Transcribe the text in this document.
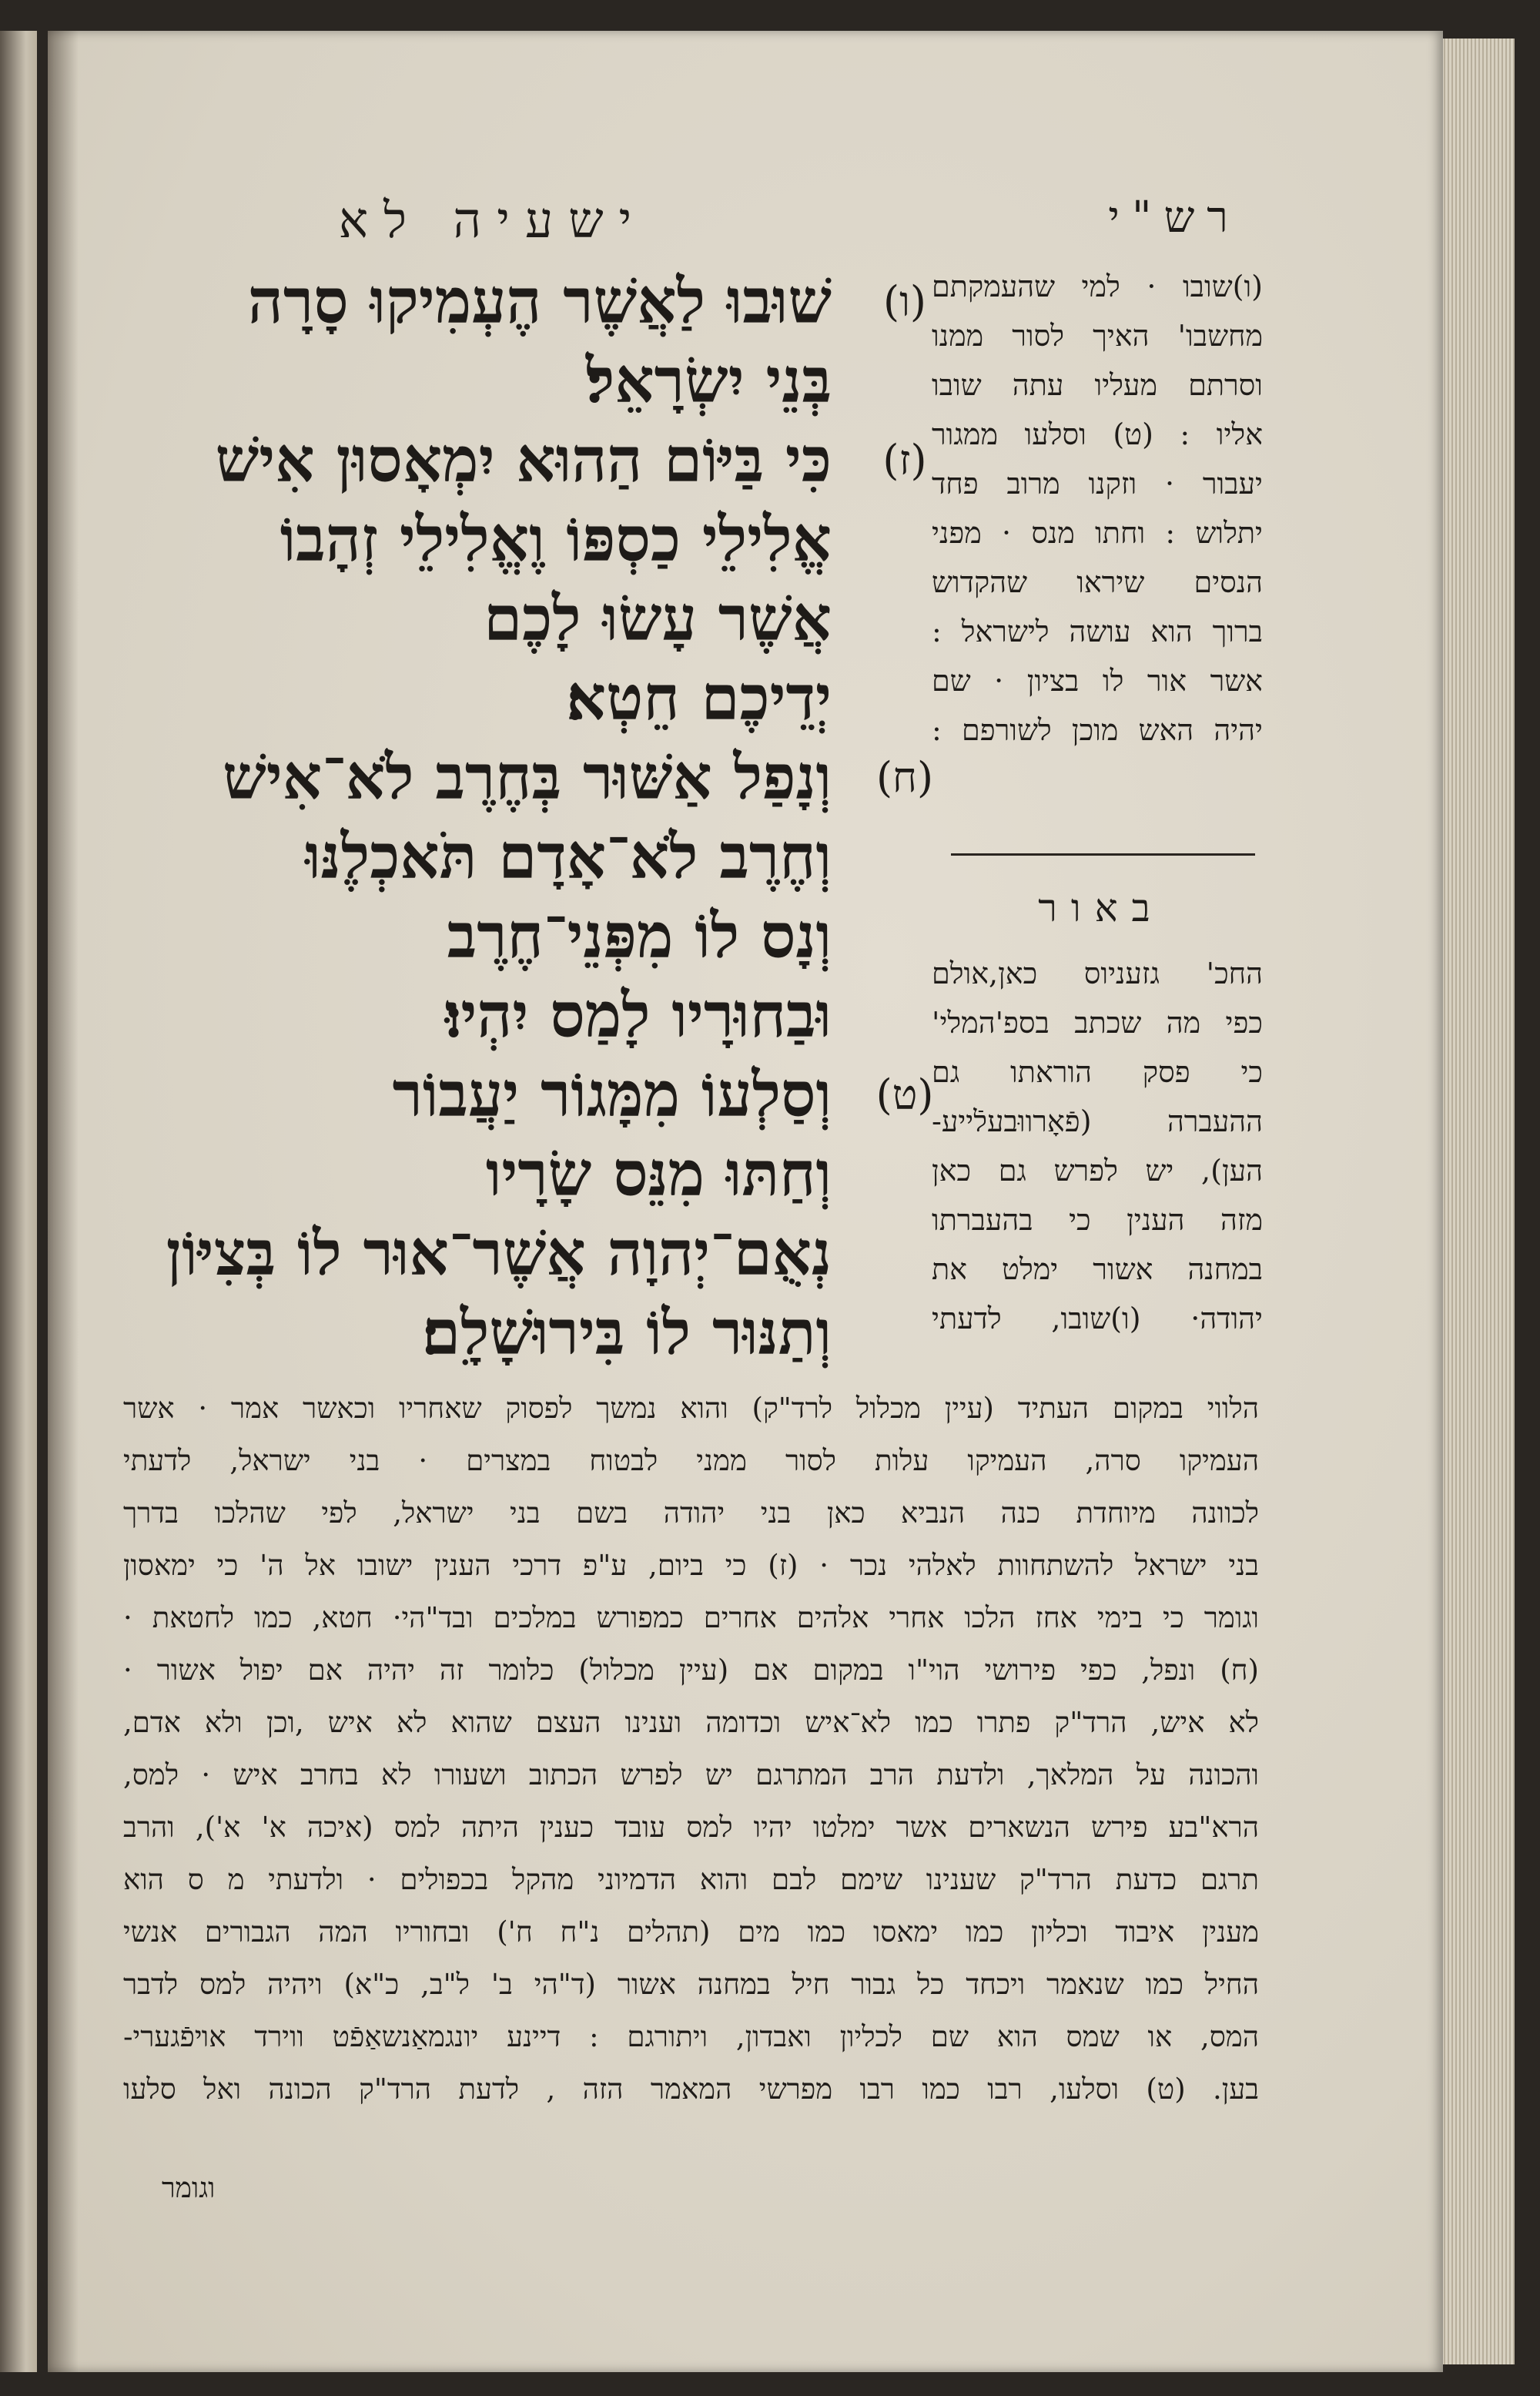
ישעיה לא	רש"י
(ו)
שׁוּבוּ לַאֲשֶׁר הֶעְמִיקוּ סָרָה
בְּנֵי יִשְׂרָאֵל׃
(ז)
כִּי בַּיּוֹם הַהוּא יִמְאָסוּן אִישׁ
אֱלִילֵי כַסְפּוֹ וֶאֱלִילֵי זְהָבוֹ
אֲשֶׁר עָשׂוּ לָכֶם
יְדֵיכֶם חֵטְא׃
(ח)
וְנָפַל אַשּׁוּר בְּחֶרֶב לֹא־אִישׁ
וְחֶרֶב לֹא־אָדָם תֹּאכְלֶנּוּ
וְנָס לוֹ מִפְּנֵי־חֶרֶב
וּבַחוּרָיו לָמַס יִהְיוּ׃
(ט)
וְסַלְעוֹ מִמָּגוֹר יַעֲבוֹר
וְחַתּוּ מִנֵּס שָׂרָיו
נְאֻם־יְהוָה אֲשֶׁר־אוּר לוֹ בְּצִיּוֹן
וְתַנּוּר לוֹ בִּירוּשָׁלִָם׃
(ו)שובו · למי שהעמקתם
מחשבו' האיך לסור ממנו
וסרתם מעליו עתה שובו
אליו : (ט) וסלעו ממגור
יעבור · וזקנו מרוב פחד
יתלוש : וחתו מנס · מפני
הנסים שיראו שהקדוש
ברוך הוא עושה לישראל :
אשר אור לו בציון · שם
יהיה האש מוכן לשורפם :
באור
החכ' גזעניוס כאן,אולם
כפי מה שכתב בספ'המלי'
כי פסק הוראתו גם
ההעברה (פֿאָרווּבעלֿייע-
הען), יש לפרש גם כאן
מזה הענין כי בהעברתו
במחנה אשור ימלט את
יהודה· (ו)שובו, לדעתי
הלווי במקום העתיד (עיין מכלול לרד"ק) והוא נמשך לפסוק שאחריו וכאשר אמר · אשר
העמיקו סרה, העמיקו עלות לסור ממני לבטוח במצרים · בני ישראל, לדעתי
לכוונה מיוחדת כנה הנביא כאן בני יהודה בשם בני ישראל, לפי שהלכו בדרך
בני ישראל להשתחוות לאלהי נכר · (ז) כי ביום, ע"פ דרכי הענין ישובו אל ה' כי ימאסון
וגומר כי בימי אחז הלכו אחרי אלהים אחרים כמפורש במלכים ובד"הי· חטא, כמו לחטאת ·
(ח) ונפל, כפי פירושי הוי"ו במקום אם (עיין מכלול) כלומר זה יהיה אם יפול אשור ·
לא איש, הרד"ק פתרו כמו לא־איש וכדומה וענינו העצם שהוא לא איש ,וכן ולא אדם,
והכונה על המלאך, ולדעת הרב המתרגם יש לפרש הכתוב ושעורו לא בחרב איש · למס,
הרא"בע פירש הנשארים אשר ימלטו יהיו למס עובד כענין היתה למס (איכה א' א'), והרב
תרגם כדעת הרד"ק שענינו שימם לבם והוא הדמיוני מהקל בכפולים · ולדעתי מ ס הוא
מענין איבוד וכליון כמו ימאסו כמו מים (תהלים נ"ח ח') ובחוריו המה הגבורים אנשי
החיל כמו שנאמר ויכחד כל גבור חיל במחנה אשור (ד"הי ב' ל"ב, כ"א) ויהיה למס לדבר
המס, או שמס הוא שם לכליון ואבדון, ויתורגם : דיינע יונגמאַנשאַפֿט ווירד אױפֿגערי-
בען. (ט) וסלעו, רבו כמו רבו מפרשי המאמר הזה , לדעת הרד"ק הכונה ואל סלעו
וגומר
